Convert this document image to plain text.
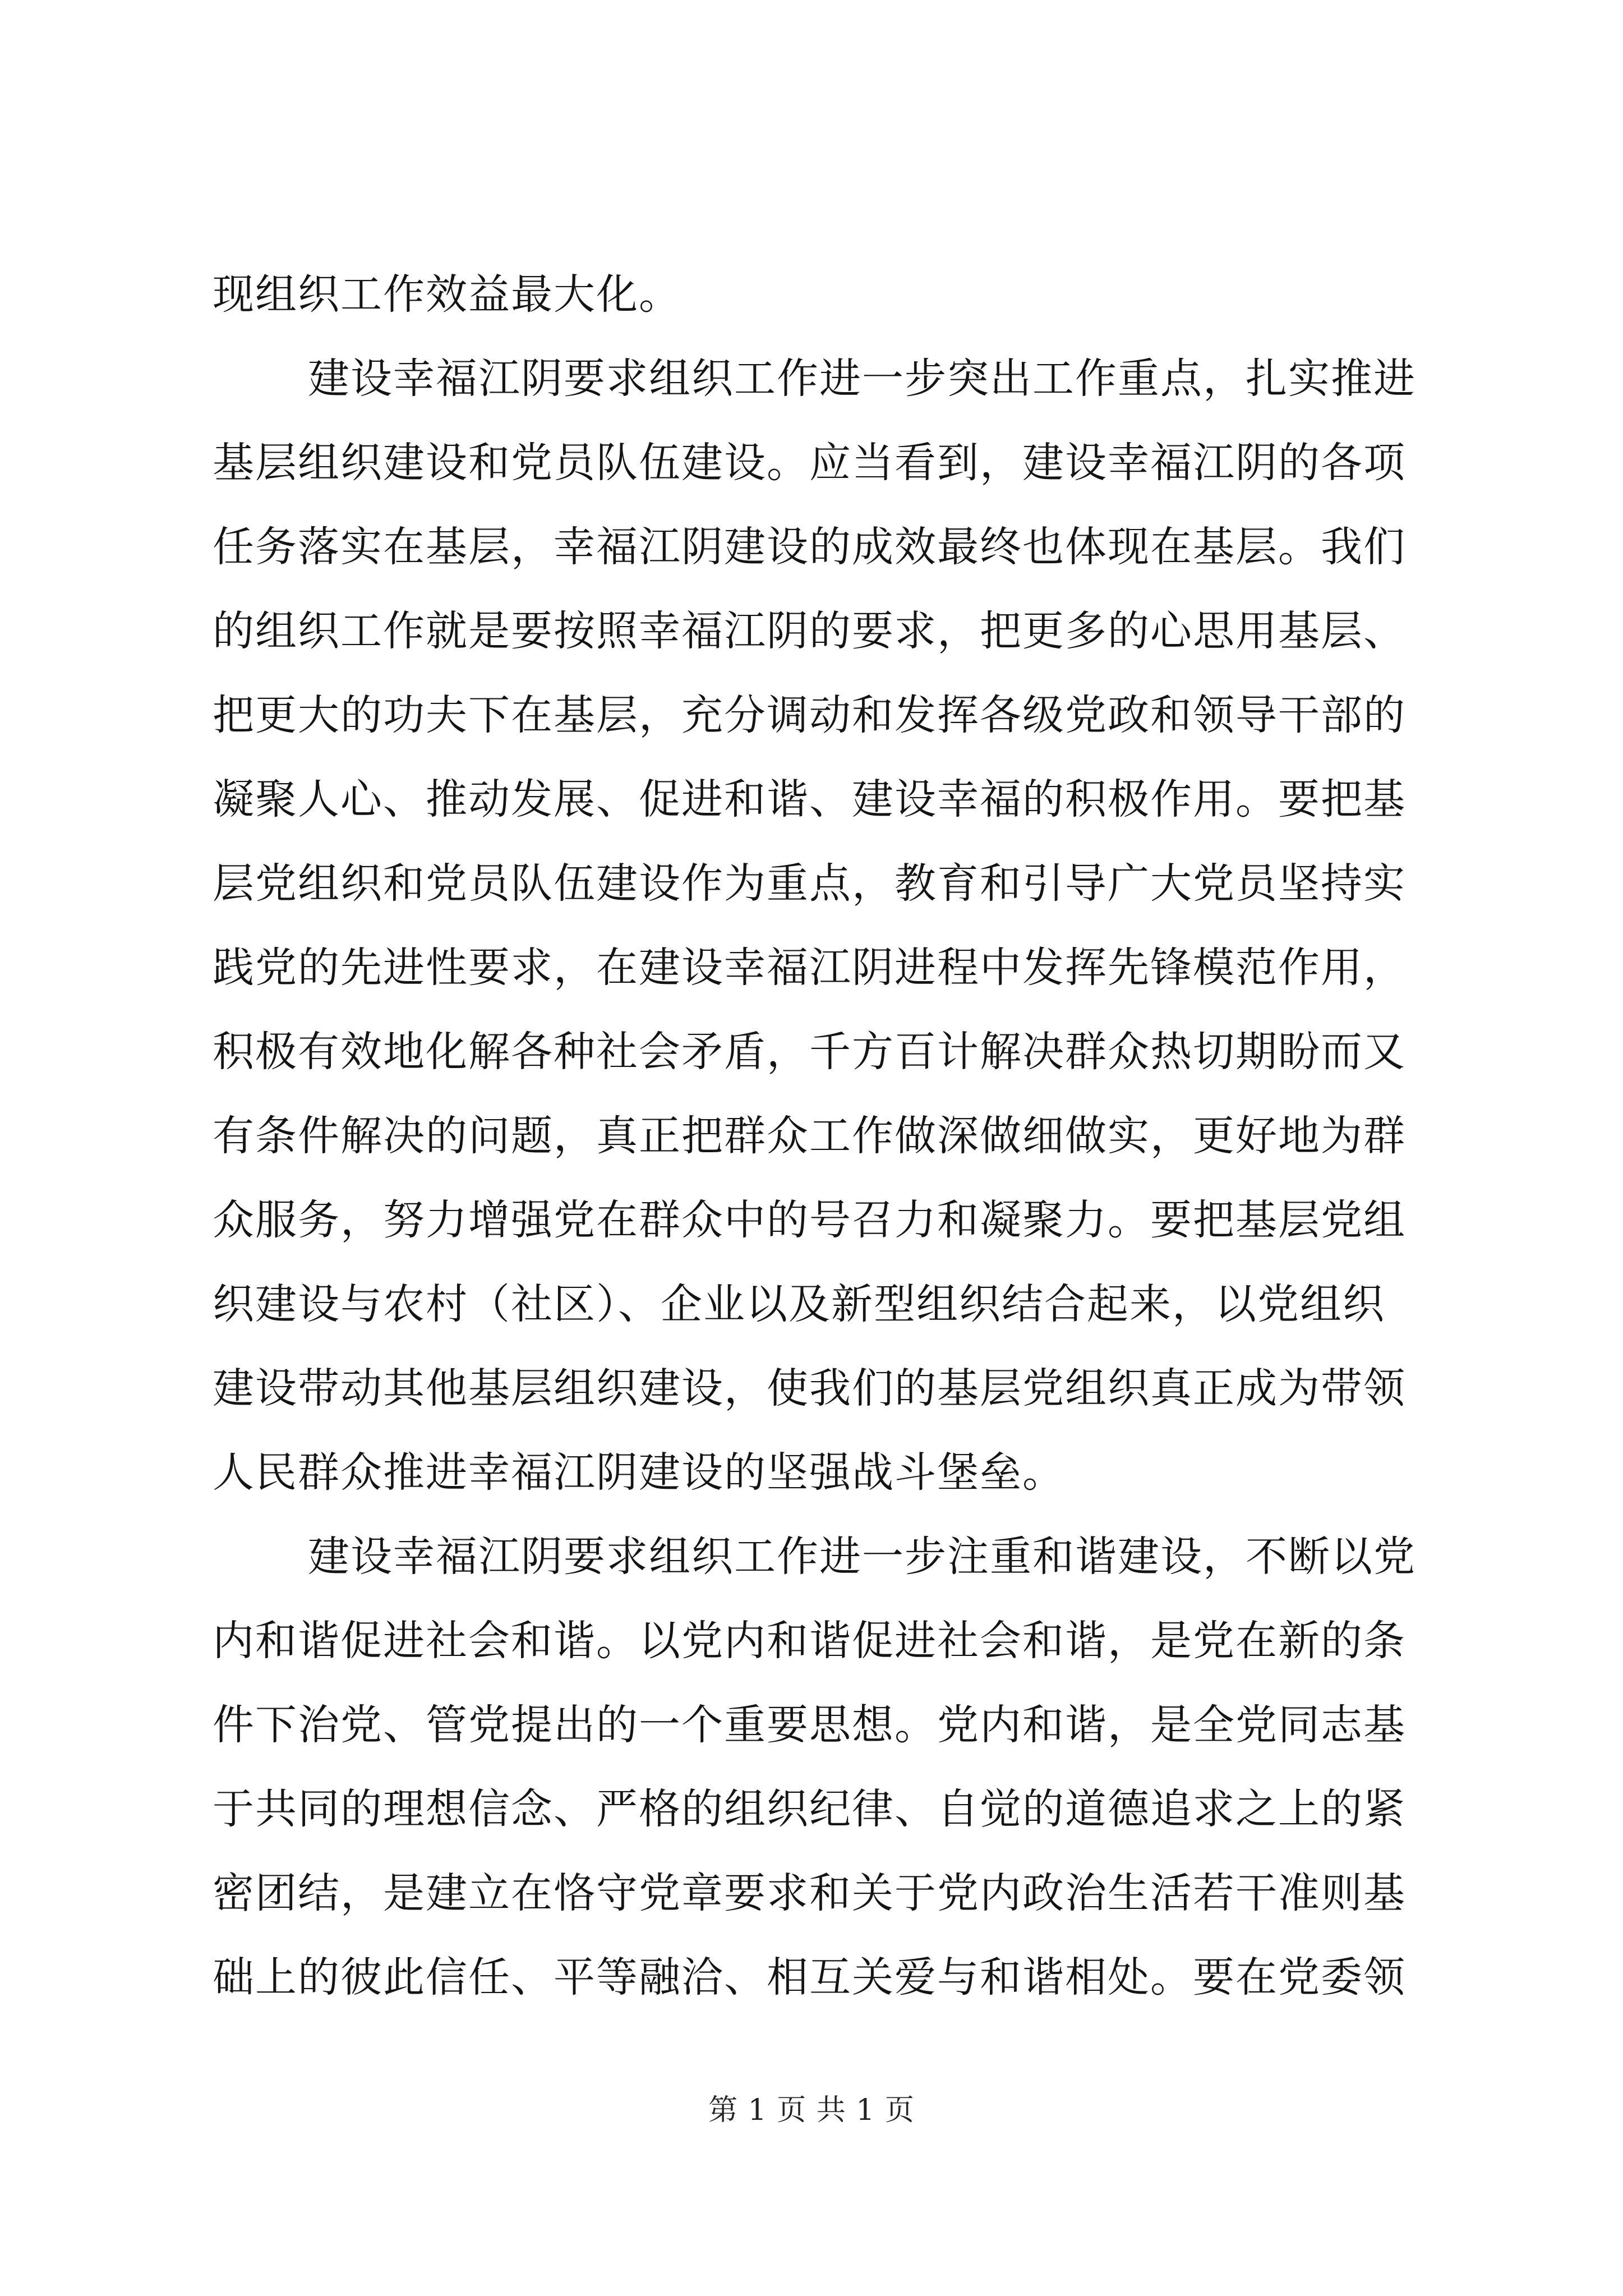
现组织工作效益最大化。
建设幸福江阴要求组织工作进一步突出工作重点，扎实推进
基层组织建设和党员队伍建设。应当看到，建设幸福江阴的各项
任务落实在基层，幸福江阴建设的成效最终也体现在基层。我们
的组织工作就是要按照幸福江阴的要求，把更多的心思用基层、
把更大的功夫下在基层，充分调动和发挥各级党政和领导干部的
凝聚人心、推动发展、促进和谐、建设幸福的积极作用。要把基
层党组织和党员队伍建设作为重点，教育和引导广大党员坚持实
践党的先进性要求，在建设幸福江阴进程中发挥先锋模范作用，
积极有效地化解各种社会矛盾，千方百计解决群众热切期盼而又
有条件解决的问题，真正把群众工作做深做细做实，更好地为群
众服务，努力增强党在群众中的号召力和凝聚力。要把基层党组
织建设与农村（社区）、企业以及新型组织结合起来，以党组织
建设带动其他基层组织建设，使我们的基层党组织真正成为带领
人民群众推进幸福江阴建设的坚强战斗堡垒。
建设幸福江阴要求组织工作进一步注重和谐建设，不断以党
内和谐促进社会和谐。以党内和谐促进社会和谐，是党在新的条
件下治党、管党提出的一个重要思想。党内和谐，是全党同志基
于共同的理想信念、严格的组织纪律、自觉的道德追求之上的紧
密团结，是建立在恪守党章要求和关于党内政治生活若干准则基
础上的彼此信任、平等融洽、相互关爱与和谐相处。要在党委领
第 1 页 共 1 页
